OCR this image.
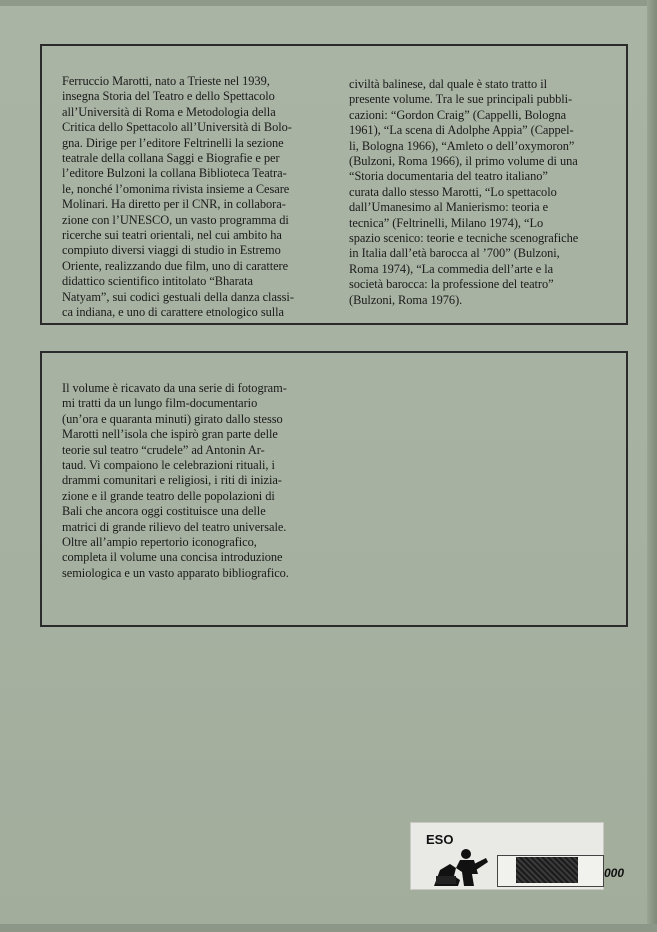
Ferruccio Marotti, nato a Trieste nel 1939,
insegna Storia del Teatro e dello Spettacolo
all’Università di Roma e Metodologia della
Critica dello Spettacolo all’Università di Bolo-
gna. Dirige per l’editore Feltrinelli la sezione
teatrale della collana Saggi e Biografie e per
l’editore Bulzoni la collana Biblioteca Teatra-
le, nonché l’omonima rivista insieme a Cesare
Molinari. Ha diretto per il CNR, in collabora-
zione con l’UNESCO, un vasto programma di
ricerche sui teatri orientali, nel cui ambito ha
compiuto diversi viaggi di studio in Estremo
Oriente, realizzando due film, uno di carattere
didattico scientifico intitolato “Bharata
Natyam”, sui codici gestuali della danza classi-
ca indiana, e uno di carattere etnologico sulla
civiltà balinese, dal quale è stato tratto il
presente volume. Tra le sue principali pubbli-
cazioni: “Gordon Craig” (Cappelli, Bologna
1961), “La scena di Adolphe Appia” (Cappel-
li, Bologna 1966), “Amleto o dell’oxymoron”
(Bulzoni, Roma 1966), il primo volume di una
“Storia documentaria del teatro italiano”
curata dallo stesso Marotti, “Lo spettacolo
dall’Umanesimo al Manierismo: teoria e
tecnica” (Feltrinelli, Milano 1974), “Lo
spazio scenico: teorie e tecniche scenografiche
in Italia dall’età barocca al ’700” (Bulzoni,
Roma 1974), “La commedia dell’arte e la
società barocca: la professione del teatro”
(Bulzoni, Roma 1976).
Il volume è ricavato da una serie di fotogram-
mi tratti da un lungo film-documentario
(un’ora e quaranta minuti) girato dallo stesso
Marotti nell’isola che ispirò gran parte delle
teorie sul teatro “crudele” ad Antonin Ar-
taud. Vi compaiono le celebrazioni rituali, i
drammi comunitari e religiosi, i riti di inizia-
zione e il grande teatro delle popolazioni di
Bali che ancora oggi costituisce una delle
matrici di grande rilievo del teatro universale.
Oltre all’ampio repertorio iconografico,
completa il volume una concisa introduzione
semiologica e un vasto apparato bibliografico.
ESO
000
